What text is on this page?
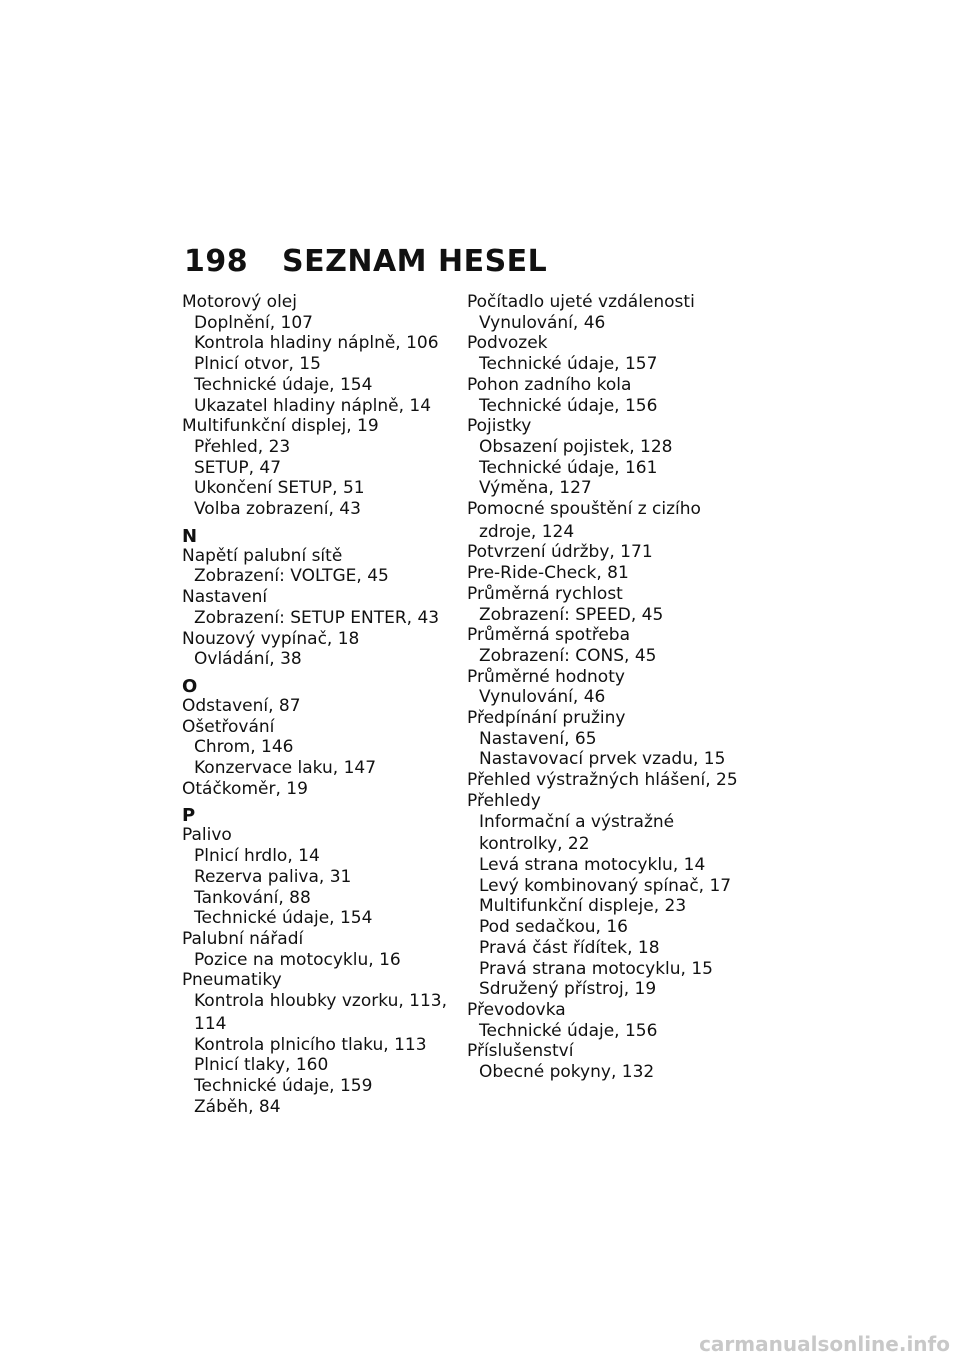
198 SEZNAM HESEL
Motorový olej
Doplnění, 107
Kontrola hladiny náplně, 106
Plnicí otvor, 15
Technické údaje, 154
Ukazatel hladiny náplně, 14
Multifunkční displej, 19
Přehled, 23
SETUP, 47
Ukončení SETUP, 51
Volba zobrazení, 43
N
Napětí palubní sítě
Zobrazení: VOLTGE, 45
Nastavení
Zobrazení: SETUP ENTER, 43
Nouzový vypínač, 18
Ovládání, 38
O
Odstavení, 87
Ošetřování
Chrom, 146
Konzervace laku, 147
Otáčkoměr, 19
P
Palivo
Plnicí hrdlo, 14
Rezerva paliva, 31
Tankování, 88
Technické údaje, 154
Palubní nářadí
Pozice na motocyklu, 16
Pneumatiky
Kontrola hloubky vzorku, 113,
114
Kontrola plnicího tlaku, 113
Plnicí tlaky, 160
Technické údaje, 159
Záběh, 84
Počítadlo ujeté vzdálenosti
Vynulování, 46
Podvozek
Technické údaje, 157
Pohon zadního kola
Technické údaje, 156
Pojistky
Obsazení pojistek, 128
Technické údaje, 161
Výměna, 127
Pomocné spouštění z cizího
zdroje, 124
Potvrzení údržby, 171
Pre-Ride-Check, 81
Průměrná rychlost
Zobrazení: SPEED, 45
Průměrná spotřeba
Zobrazení: CONS, 45
Průměrné hodnoty
Vynulování, 46
Předpínání pružiny
Nastavení, 65
Nastavovací prvek vzadu, 15
Přehled výstražných hlášení, 25
Přehledy
Informační a výstražné
kontrolky, 22
Levá strana motocyklu, 14
Levý kombinovaný spínač, 17
Multifunkční displeje, 23
Pod sedačkou, 16
Pravá část řídítek, 18
Pravá strana motocyklu, 15
Sdružený přístroj, 19
Převodovka
Technické údaje, 156
Příslušenství
Obecné pokyny, 132
carmanualsonline.info
